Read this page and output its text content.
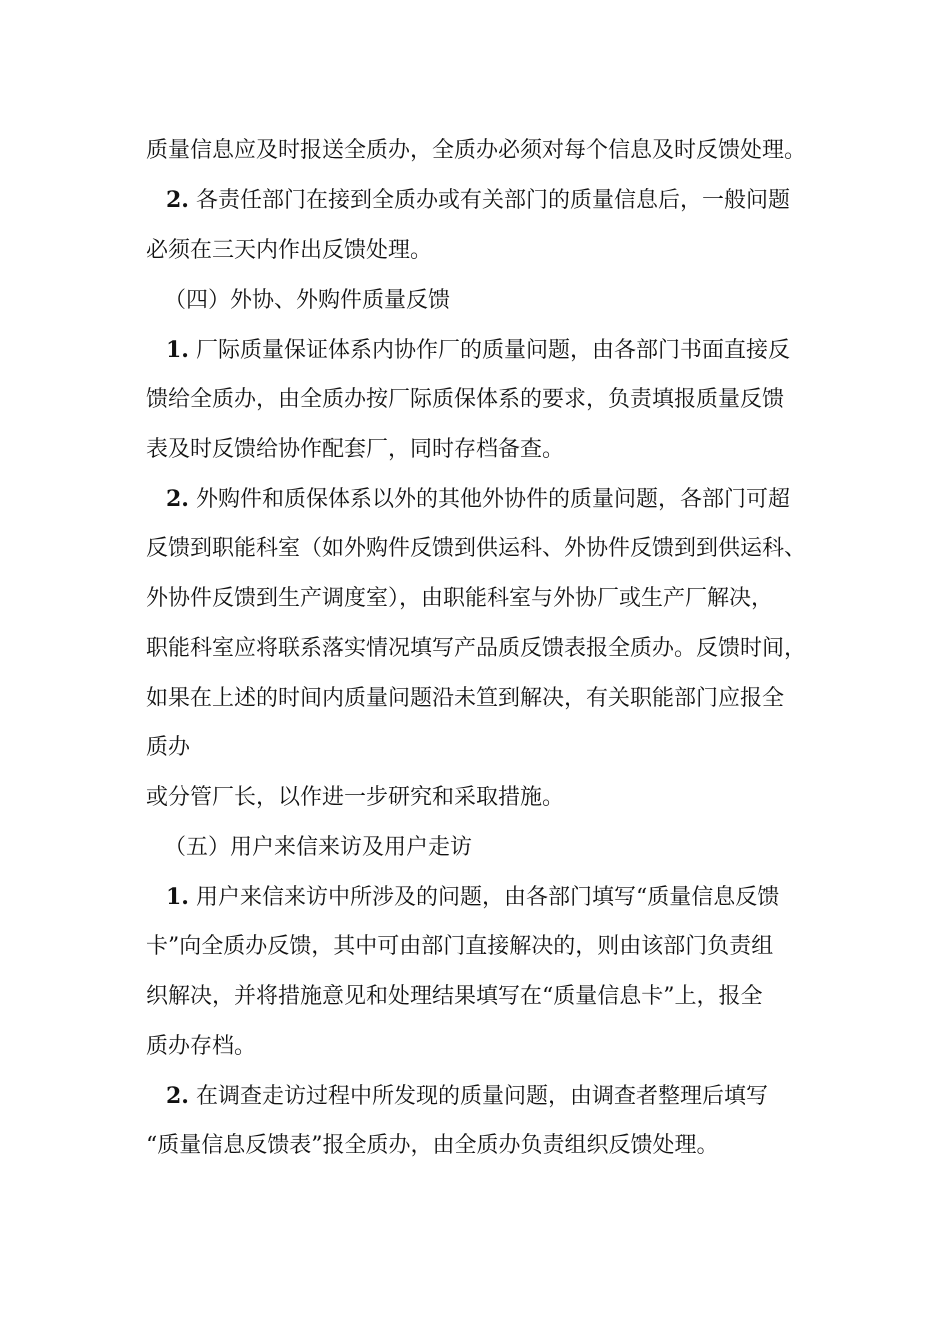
质量信息应及时报送全质办，全质办必须对每个信息及时反馈处理。
2. 各责任部门在接到全质办或有关部门的质量信息后，一般问题
必须在三天内作出反馈处理。
（四）外协、外购件质量反馈
1. 厂际质量保证体系内协作厂的质量问题，由各部门书面直接反
馈给全质办，由全质办按厂际质保体系的要求，负责填报质量反馈
表及时反馈给协作配套厂，同时存档备查。
2. 外购件和质保体系以外的其他外协件的质量问题，各部门可超
反馈到职能科室（如外购件反馈到供运科、外协件反馈到到供运科、
外协件反馈到生产调度室），由职能科室与外协厂或生产厂解决，
职能科室应将联系落实情况填写产品质反馈表报全质办。反馈时间，
如果在上述的时间内质量问题沿未笪到解决，有关职能部门应报全
质办
或分管厂长，以作进一步研究和采取措施。
（五）用户来信来访及用户走访
1. 用户来信来访中所涉及的问题，由各部门填写“质量信息反馈
卡”向全质办反馈，其中可由部门直接解决的，则由该部门负责组
织解决，并将措施意见和处理结果填写在“质量信息卡”上，报全
质办存档。
2. 在调查走访过程中所发现的质量问题，由调查者整理后填写
“质量信息反馈表”报全质办，由全质办负责组织反馈处理。
